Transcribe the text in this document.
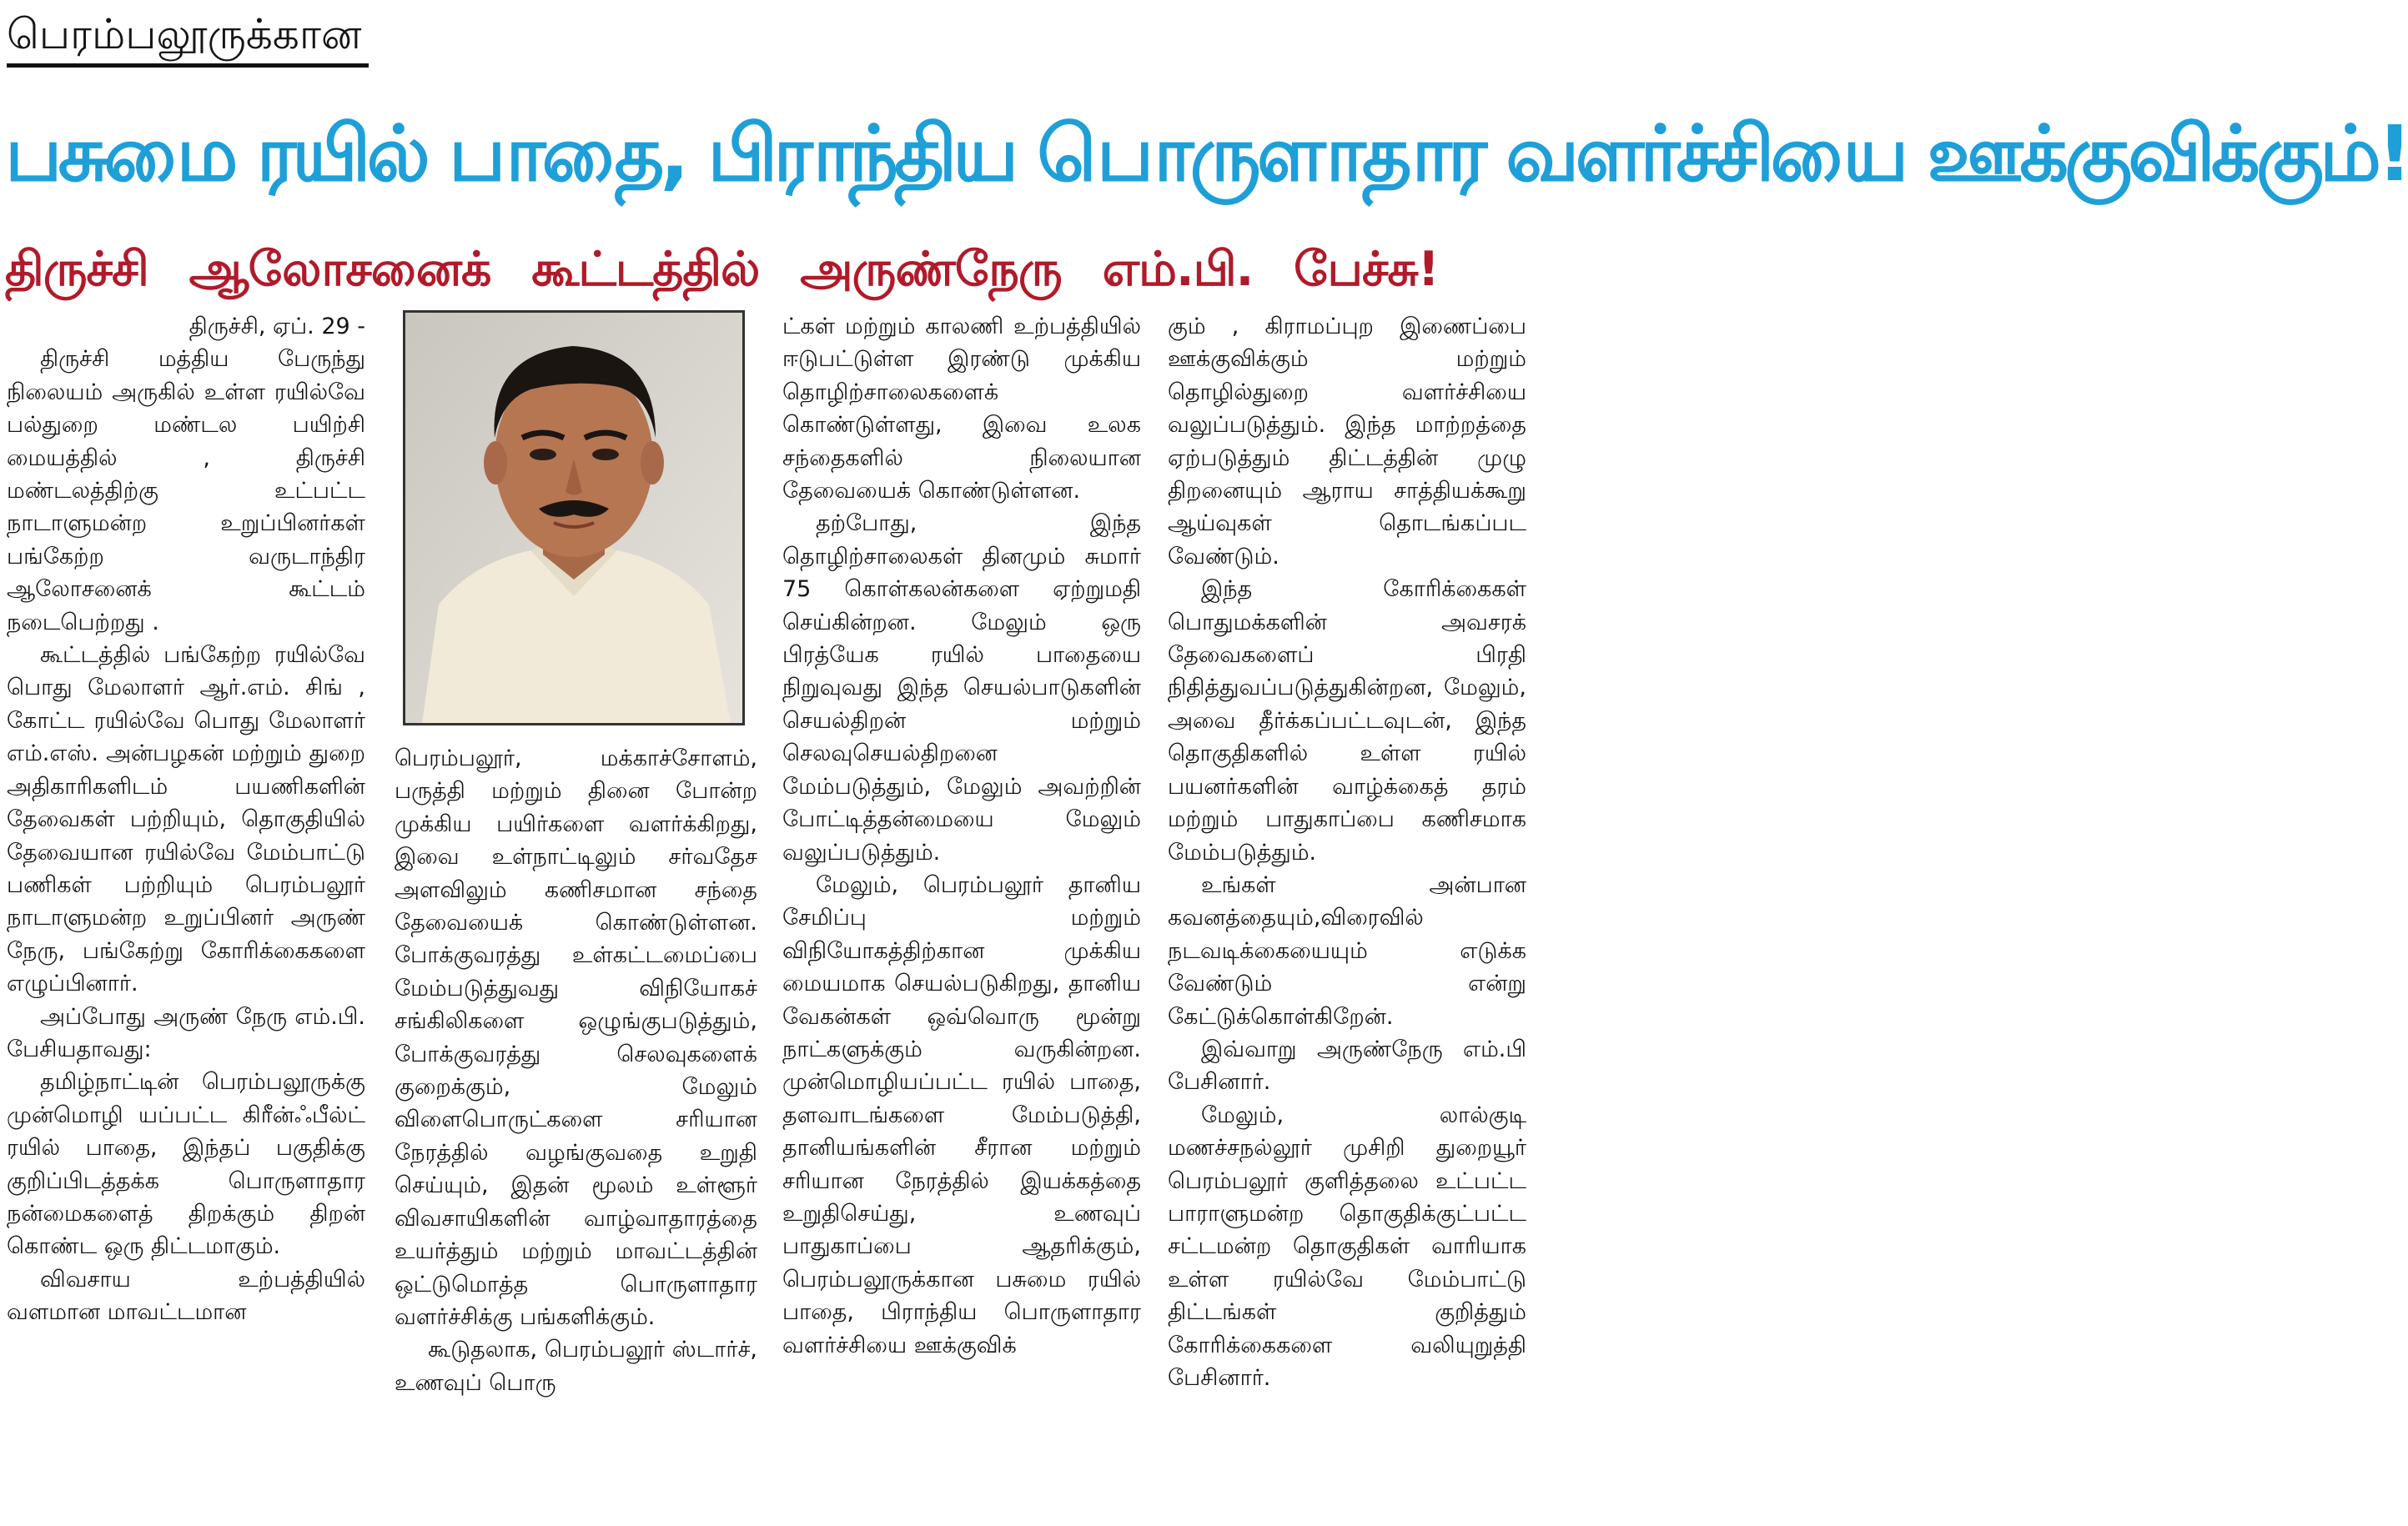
பெரம்பலூருக்கான
பசுமை ரயில் பாதை, பிராந்திய பொருளாதார வளர்ச்சியை ஊக்குவிக்கும்!
திருச்சி ஆலோசனைக் கூட்டத்தில் அருண்நேரு எம்.பி. பேச்சு!

திருச்சி, ஏப். 29 -

திருச்சி மத்திய பேருந்து நிலையம் அருகில் உள்ள ரயில்வே பல்துறை மண்டல பயிற்சி மையத்தில் , திருச்சி மண்டலத்திற்கு உட்பட்ட நாடாளுமன்ற உறுப்பினர்கள் பங்கேற்ற வருடாந்திர ஆலோசனைக் கூட்டம் நடைபெற்றது .

கூட்டத்தில் பங்கேற்ற ரயில்வே பொது மேலாளர் ஆர்.எம். சிங் , கோட்ட ரயில்வே பொது மேலாளர் எம்.எஸ். அன்பழகன் மற்றும் துறை அதிகாரிகளிடம் பயணிகளின் தேவைகள் பற்றியும், தொகுதியில் தேவையான ரயில்வே மேம்பாட்டு பணிகள் பற்றியும் பெரம்பலூர் நாடாளுமன்ற உறுப்பினர் அருண் நேரு, பங்கேற்று கோரிக்கைகளை எழுப்பினார்.

அப்போது அருண் நேரு எம்.பி. பேசியதாவது:

தமிழ்நாட்டின் பெரம்பலூருக்கு முன்மொழி யப்பட்ட கிரீன்ஃபீல்ட் ரயில் பாதை, இந்தப் பகுதிக்கு குறிப்பிடத்தக்க பொருளாதார நன்மைகளைத் திறக்கும் திறன் கொண்ட ஒரு திட்டமாகும்.

விவசாய உற்பத்தியில் வளமான மாவட்டமான

பெரம்பலூர், மக்காச்சோளம், பருத்தி மற்றும் தினை போன்ற முக்கிய பயிர்களை வளர்க்கிறது, இவை உள்நாட்டிலும் சர்வதேச அளவிலும் கணிசமான சந்தை தேவையைக் கொண்டுள்ளன. போக்குவரத்து உள்கட்டமைப்பை மேம்படுத்துவது விநியோகச் சங்கிலிகளை ஒழுங்குபடுத்தும், போக்குவரத்து செலவுகளைக் குறைக்கும், மேலும் விளைபொருட்களை சரியான நேரத்தில் வழங்குவதை உறுதி செய்யும், இதன் மூலம் உள்ளூர் விவசாயிகளின் வாழ்வாதாரத்தை உயர்த்தும் மற்றும் மாவட்டத்தின் ஒட்டுமொத்த பொருளாதார வளர்ச்சிக்கு பங்களிக்கும்.

கூடுதலாக, பெரம்பலூர் ஸ்டார்ச், உணவுப் பொரு

ட்கள் மற்றும் காலணி உற்பத்தியில் ஈடுபட்டுள்ள இரண்டு முக்கிய தொழிற்சாலைகளைக் கொண்டுள்ளது, இவை உலக சந்தைகளில் நிலையான தேவையைக் கொண்டுள்ளன.

தற்போது, இந்த தொழிற்சாலைகள் தினமும் சுமார் 75 கொள்கலன்களை ஏற்றுமதி செய்கின்றன. மேலும் ஒரு பிரத்யேக ரயில் பாதையை நிறுவுவது இந்த செயல்பாடுகளின் செயல்திறன் மற்றும் செலவுசெயல்திறனை மேம்படுத்தும், மேலும் அவற்றின் போட்டித்தன்மையை மேலும் வலுப்படுத்தும்.

மேலும், பெரம்பலூர் தானிய சேமிப்பு மற்றும் விநியோகத்திற்கான முக்கிய மையமாக செயல்படுகிறது, தானிய வேகன்கள் ஒவ்வொரு மூன்று நாட்களுக்கும் வருகின்றன. முன்மொழியப்பட்ட ரயில் பாதை, தளவாடங்களை மேம்படுத்தி, தானியங்களின் சீரான மற்றும் சரியான நேரத்தில் இயக்கத்தை உறுதிசெய்து, உணவுப் பாதுகாப்பை ஆதரிக்கும், பெரம்பலூருக்கான பசுமை ரயில் பாதை, பிராந்திய பொருளாதார வளர்ச்சியை ஊக்குவிக்

கும் , கிராமப்புற இணைப்பை ஊக்குவிக்கும் மற்றும் தொழில்துறை வளர்ச்சியை வலுப்படுத்தும். இந்த மாற்றத்தை ஏற்படுத்தும் திட்டத்தின் முழு திறனையும் ஆராய சாத்தியக்கூறு ஆய்வுகள் தொடங்கப்பட வேண்டும்.

இந்த கோரிக்கைகள் பொதுமக்களின் அவசரக் தேவைகளைப் பிரதி நிதித்துவப்படுத்துகின்றன, மேலும், அவை தீர்க்கப்பட்டவுடன், இந்த தொகுதிகளில் உள்ள ரயில் பயனர்களின் வாழ்க்கைத் தரம் மற்றும் பாதுகாப்பை கணிசமாக மேம்படுத்தும்.

உங்கள் அன்பான கவனத்தையும்,விரைவில் நடவடிக்கையையும் எடுக்க வேண்டும் என்று கேட்டுக்கொள்கிறேன்.

இவ்வாறு அருண்நேரு எம்.பி பேசினார்.

மேலும், லால்குடி மணச்சநல்லூர் முசிறி துறையூர் பெரம்பலூர் குளித்தலை உட்பட்ட பாராளுமன்ற தொகுதிக்குட்பட்ட சட்டமன்ற தொகுதிகள் வாரியாக உள்ள ரயில்வே மேம்பாட்டு திட்டங்கள் குறித்தும் கோரிக்கைகளை வலியுறுத்தி பேசினார்.
